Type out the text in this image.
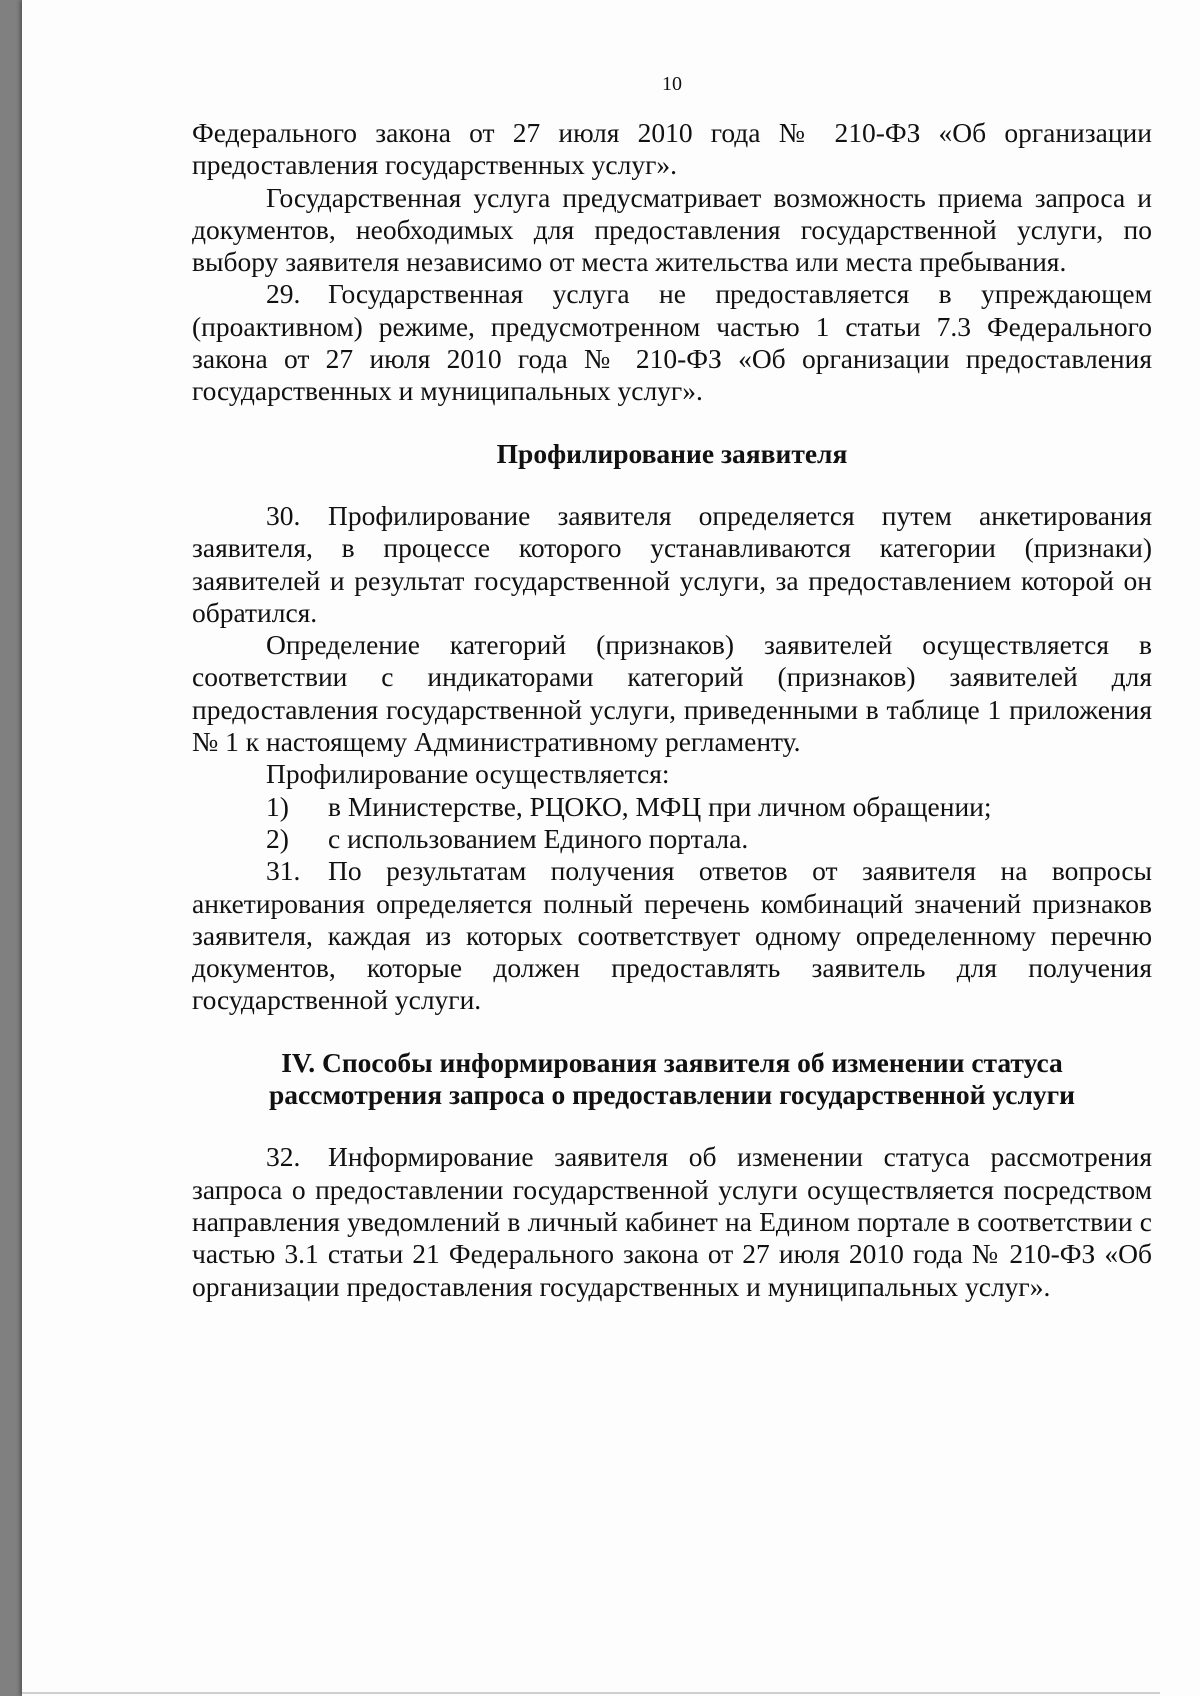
10

Федерального закона от 27 июля 2010 года № 210-ФЗ «Об организации предоставления государственных услуг».

Государственная услуга предусматривает возможность приема запроса и документов, необходимых для предоставления государственной услуги, по выбору заявителя независимо от места жительства или места пребывания.

29. Государственная услуга не предоставляется в упреждающем (проактивном) режиме, предусмотренном частью 1 статьи 7.3 Федерального закона от 27 июля 2010 года № 210-ФЗ «Об организации предоставления государственных и муниципальных услуг».

Профилирование заявителя

30. Профилирование заявителя определяется путем анкетирования заявителя, в процессе которого устанавливаются категории (признаки) заявителей и результат государственной услуги, за предоставлением которой он обратился.

Определение категорий (признаков) заявителей осуществляется в соответствии с индикаторами категорий (признаков) заявителей для предоставления государственной услуги, приведенными в таблице 1 приложения № 1 к настоящему Административному регламенту.

Профилирование осуществляется:

1)	в Министерстве, РЦОКО, МФЦ при личном обращении;
2)	с использованием Единого портала.

31. По результатам получения ответов от заявителя на вопросы анкетирования определяется полный перечень комбинаций значений признаков заявителя, каждая из которых соответствует одному определенному перечню документов, которые должен предоставлять заявитель для получения государственной услуги.

IV. Способы информирования заявителя об изменении статуса

рассмотрения запроса о предоставлении государственной услуги

32. Информирование заявителя об изменении статуса рассмотрения запроса о предоставлении государственной услуги осуществляется посредством направления уведомлений в личный кабинет на Едином портале в соответствии с частью 3.1 статьи 21 Федерального закона от 27 июля 2010 года № 210-ФЗ «Об организации предоставления государственных и муниципальных услуг».
